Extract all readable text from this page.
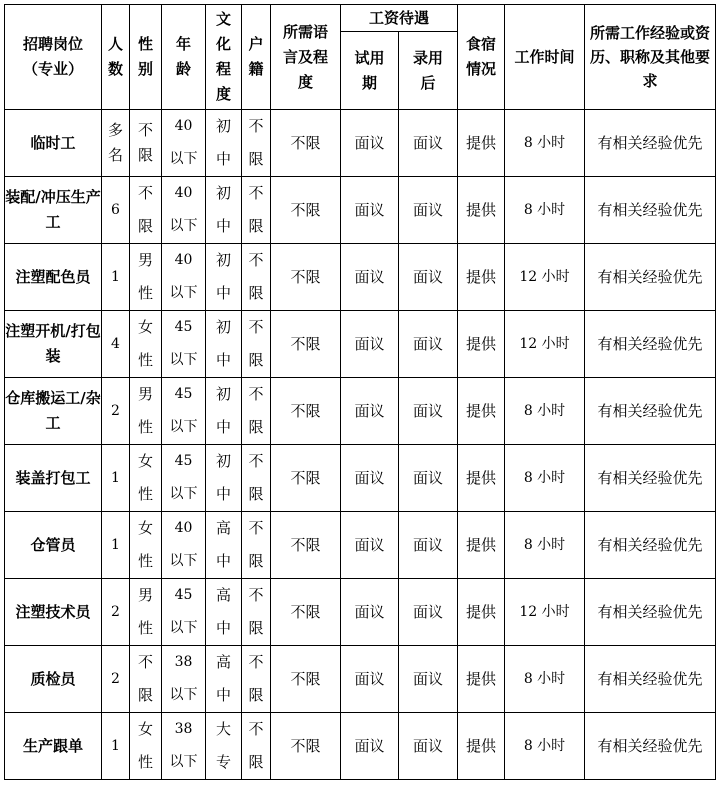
招聘岗位（专业）	人数	性别	年龄	文化程度	户籍	所需语言及程度	工资待遇		食宿情况	工作时间	所需工作经验或资历、职称及其他要求
							试用期	录用后			
临时工	多名	不限	40以下	初中	不限	不限	面议	面议	提供	8 小时	有相关经验优先
装配/冲压生产工	6	不限	40以下	初中	不限	不限	面议	面议	提供	8 小时	有相关经验优先
注塑配色员	1	男性	40以下	初中	不限	不限	面议	面议	提供	12 小时	有相关经验优先
注塑开机/打包装	4	女性	45以下	初中	不限	不限	面议	面议	提供	12 小时	有相关经验优先
仓库搬运工/杂工	2	男性	45以下	初中	不限	不限	面议	面议	提供	8 小时	有相关经验优先
装盖打包工	1	女性	45以下	初中	不限	不限	面议	面议	提供	8 小时	有相关经验优先
仓管员	1	女性	40以下	高中	不限	不限	面议	面议	提供	8 小时	有相关经验优先
注塑技术员	2	男性	45以下	高中	不限	不限	面议	面议	提供	12 小时	有相关经验优先
质检员	2	不限	38以下	高中	不限	不限	面议	面议	提供	8 小时	有相关经验优先
生产跟单	1	女性	38以下	大专	不限	不限	面议	面议	提供	8 小时	有相关经验优先
